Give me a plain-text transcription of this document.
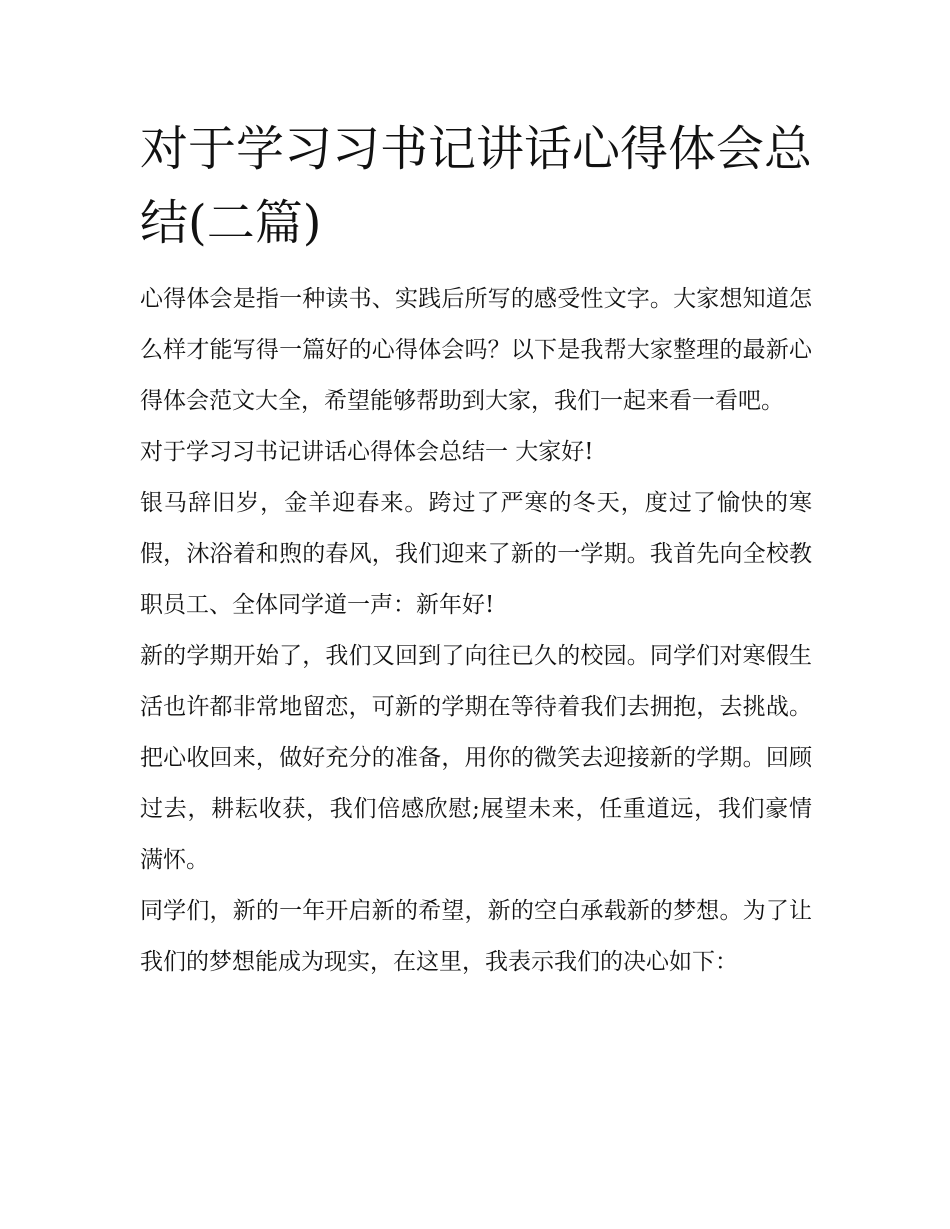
对于学习习书记讲话心得体会总结(二篇)

心得体会是指一种读书、实践后所写的感受性文字。大家想知道怎么样才能写得一篇好的心得体会吗？以下是我帮大家整理的最新心得体会范文大全，希望能够帮助到大家，我们一起来看一看吧。

对于学习习书记讲话心得体会总结一 大家好!

银马辞旧岁，金羊迎春来。跨过了严寒的冬天，度过了愉快的寒假，沐浴着和煦的春风，我们迎来了新的一学期。我首先向全校教职员工、全体同学道一声：新年好!

新的学期开始了，我们又回到了向往已久的校园。同学们对寒假生活也许都非常地留恋，可新的学期在等待着我们去拥抱，去挑战。把心收回来，做好充分的准备，用你的微笑去迎接新的学期。回顾过去，耕耘收获，我们倍感欣慰;展望未来，任重道远，我们豪情满怀。

同学们，新的一年开启新的希望，新的空白承载新的梦想。为了让我们的梦想能成为现实，在这里，我表示我们的决心如下：
